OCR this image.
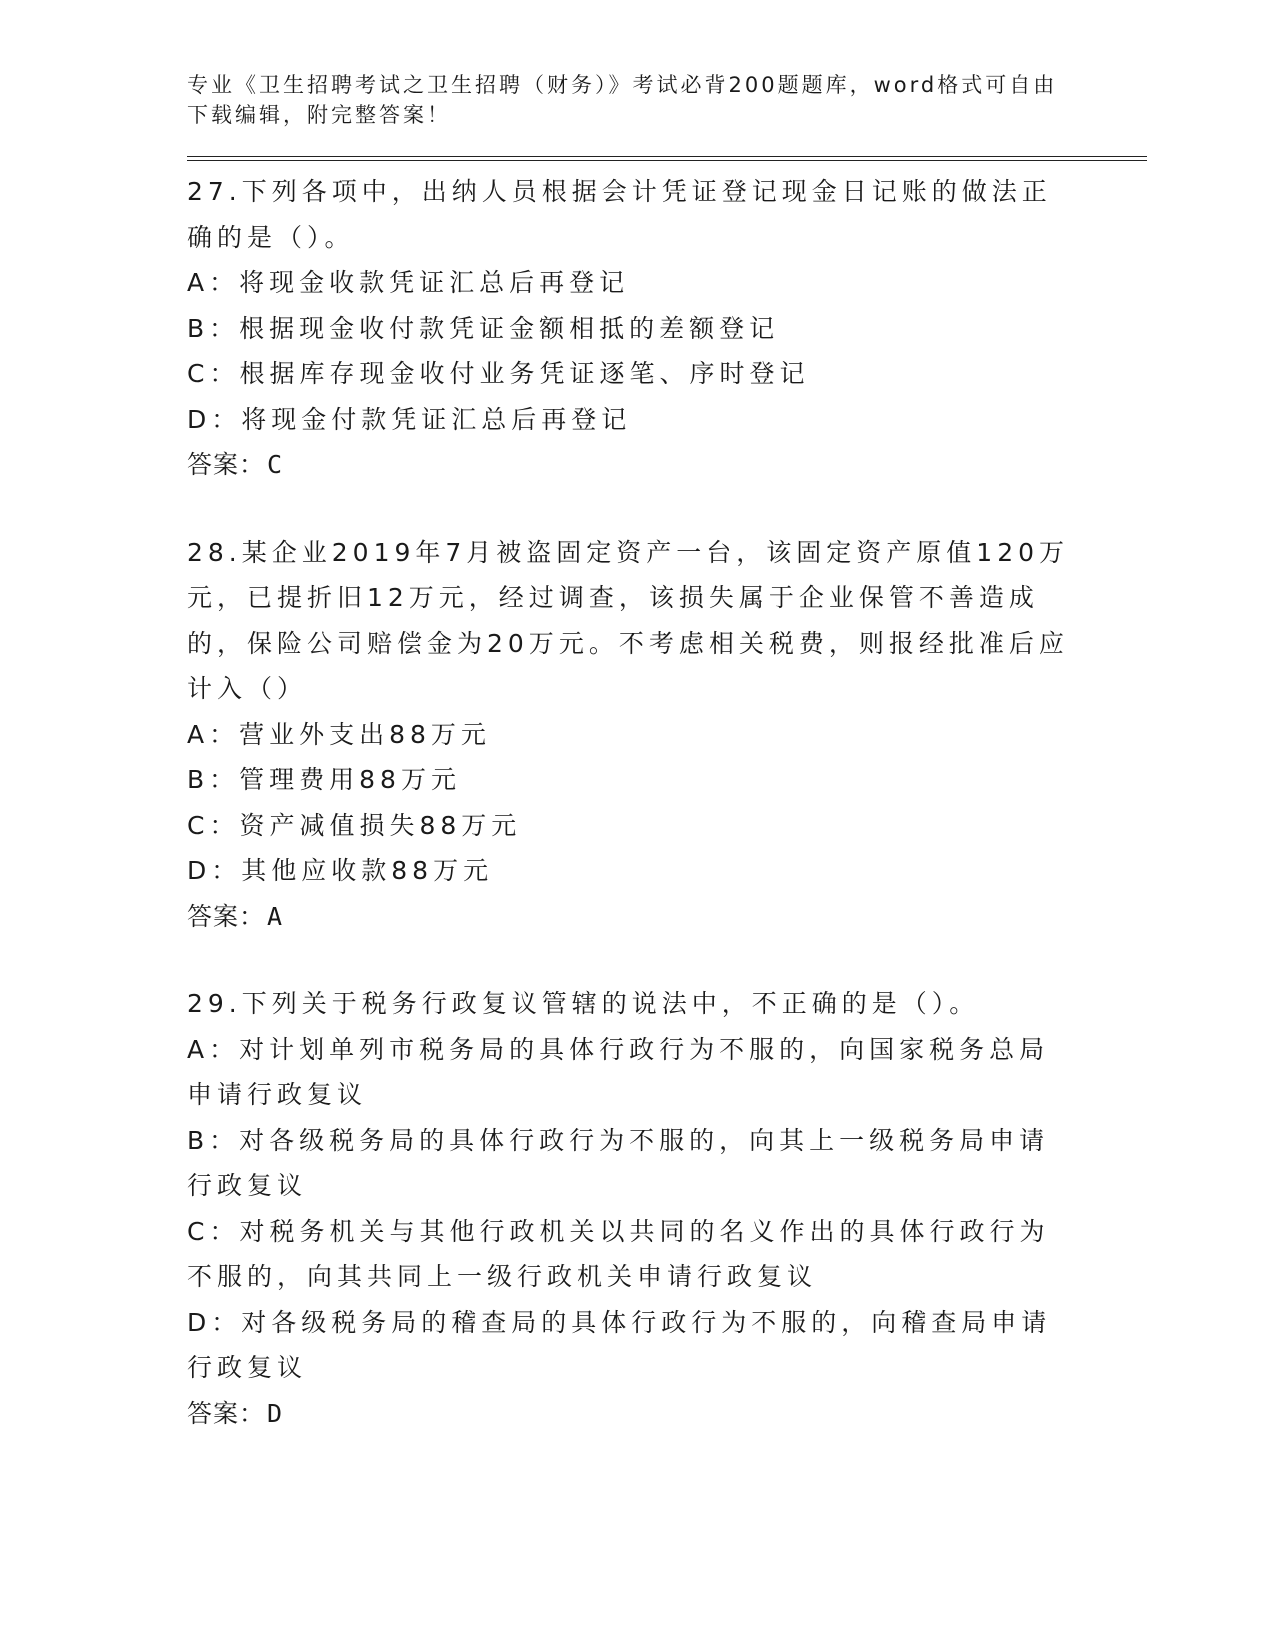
专业《卫生招聘考试之卫生招聘（财务）》考试必背200题题库，word格式可自由下载编辑，附完整答案！

27.下列各项中，出纳人员根据会计凭证登记现金日记账的做法正确的是（）。

A：将现金收款凭证汇总后再登记

B：根据现金收付款凭证金额相抵的差额登记

C：根据库存现金收付业务凭证逐笔、序时登记

D：将现金付款凭证汇总后再登记

答案：C

28.某企业2019年7月被盗固定资产一台，该固定资产原值120万元，已提折旧12万元，经过调查，该损失属于企业保管不善造成的，保险公司赔偿金为20万元。不考虑相关税费，则报经批准后应计入（）

A：营业外支出88万元

B：管理费用88万元

C：资产减值损失88万元

D：其他应收款88万元

答案：A

29.下列关于税务行政复议管辖的说法中，不正确的是（）。

A：对计划单列市税务局的具体行政行为不服的，向国家税务总局申请行政复议

B：对各级税务局的具体行政行为不服的，向其上一级税务局申请行政复议

C：对税务机关与其他行政机关以共同的名义作出的具体行政行为不服的，向其共同上一级行政机关申请行政复议

D：对各级税务局的稽查局的具体行政行为不服的，向稽查局申请行政复议

答案：D
